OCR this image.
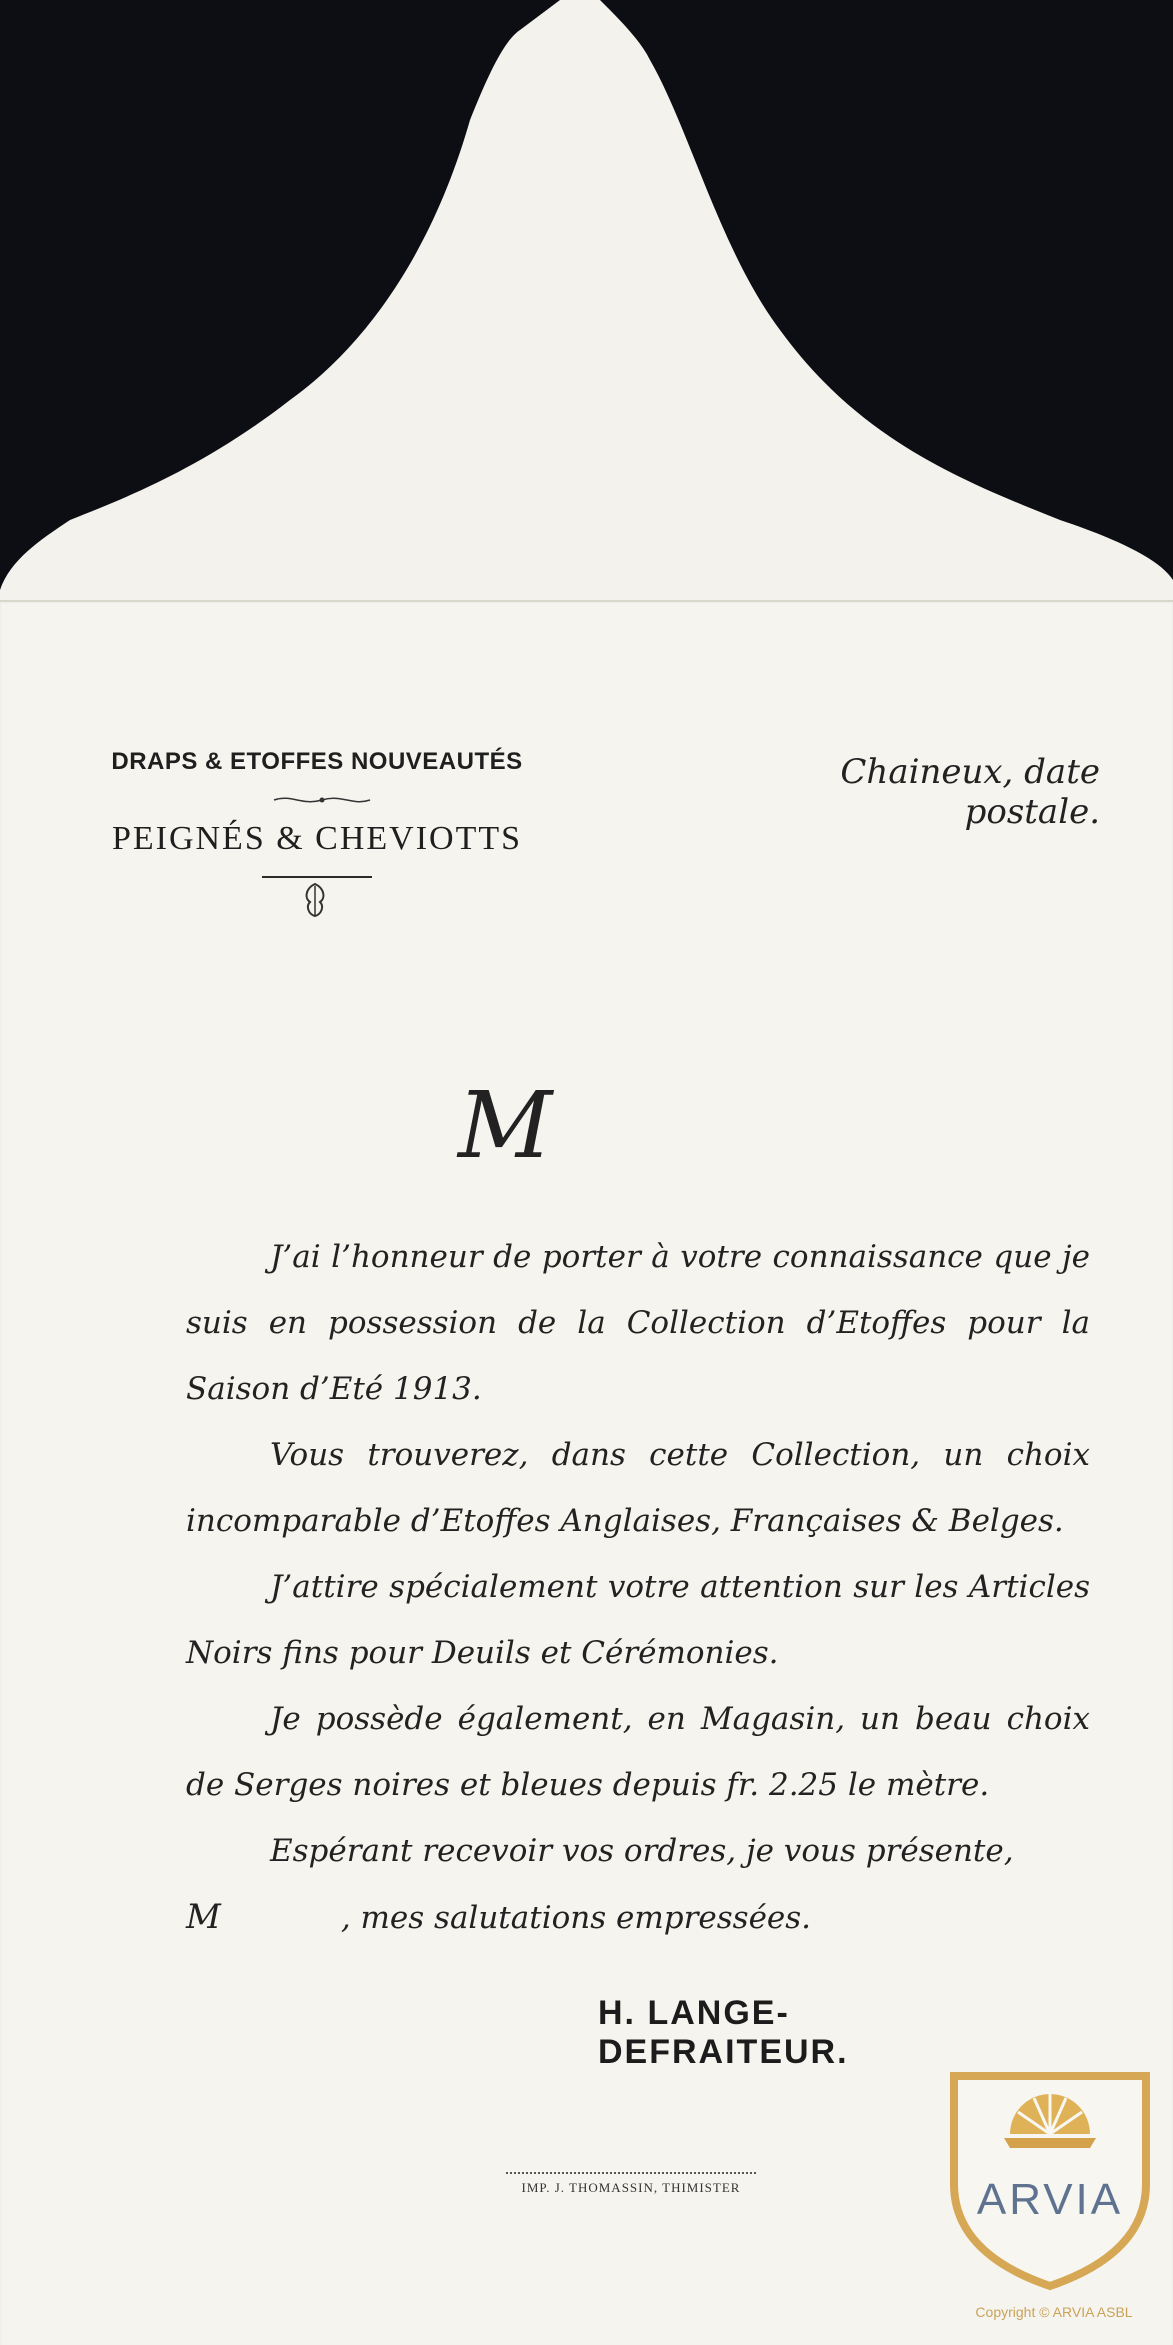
DRAPS & ETOFFES NOUVEAUTÉS
PEIGNÉS & CHEVIOTTS
Chaineux, date postale.
M

J’ai l’honneur de porter à votre connaissance que je suis en possession de la Collection d’Etoffes pour la Saison d’Eté 1913.

Vous trouverez, dans cette Collection, un choix incomparable d’Etoffes Anglaises, Françaises & Belges.

J’attire spécialement votre attention sur les Articles Noirs fins pour Deuils et Cérémonies.

Je possède également, en Magasin, un beau choix de Serges noires et bleues depuis fr. 2.25 le mètre.

Espérant recevoir vos ordres, je vous présente,

M	, mes salutations empressées.
H. LANGE-DEFRAITEUR.
IMP. J. THOMASSIN, THIMISTER	ARVIA
Copyright © ARVIA ASBL
